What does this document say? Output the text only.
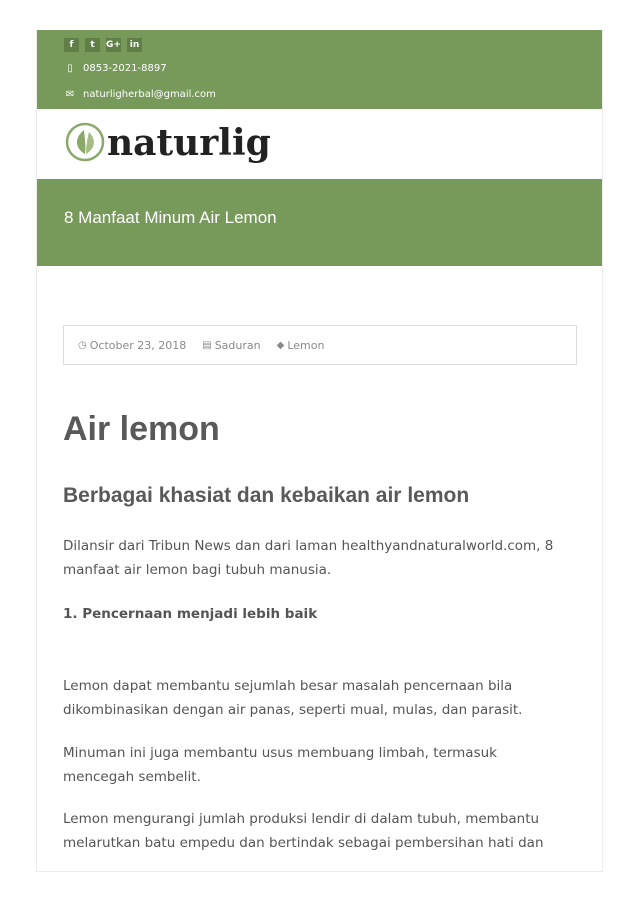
f	t	G+ in
▯ 0853-2021-8897
✉ naturligherbal@gmail.com
naturlig
8 Manfaat Minum Air Lemon
◷ October 23, 2018 ▤ Saduran ◆ Lemon
Air lemon
Berbagai khasiat dan kebaikan air lemon

Dilansir dari Tribun News dan dari laman healthyandnaturalworld.com, 8 manfaat air lemon bagi tubuh manusia.

1. Pencernaan menjadi lebih baik

Lemon dapat membantu sejumlah besar masalah pencernaan bila dikombinasikan dengan air panas, seperti mual, mulas, dan parasit.

Minuman ini juga membantu usus membuang limbah, termasuk mencegah sembelit.

Lemon mengurangi jumlah produksi lendir di dalam tubuh, membantu melarutkan batu empedu dan bertindak sebagai pembersihan hati dan
